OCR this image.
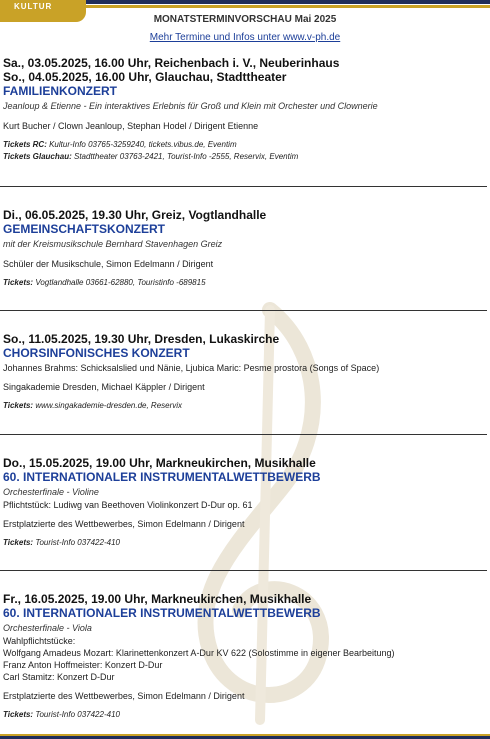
KULTUR
MONATSTERMINVORSCHAU Mai 2025
Mehr Termine und Infos unter www.v-ph.de
Sa., 03.05.2025, 16.00 Uhr, Reichenbach i. V., Neuberinhaus
So., 04.05.2025, 16.00 Uhr, Glauchau, Stadttheater
FAMILIENKONZERT
Jeanloup & Etienne - Ein interaktives Erlebnis für Groß und Klein mit Orchester und Clownerie
Kurt Bucher / Clown Jeanloup, Stephan Hodel / Dirigent Etienne
Tickets RC: Kultur-Info 03765-3259240, tickets.vibus.de, Eventim
Tickets Glauchau: Stadttheater 03763-2421, Tourist-Info -2555, Reservix, Eventim
Di., 06.05.2025, 19.30 Uhr, Greiz, Vogtlandhalle
GEMEINSCHAFTSKONZERT
mit der Kreismusikschule Bernhard Stavenhagen Greiz
Schüler der Musikschule, Simon Edelmann / Dirigent
Tickets: Vogtlandhalle 03661-62880, Touristinfo -689815
So., 11.05.2025, 19.30 Uhr, Dresden, Lukaskirche
CHORSINFONISCHES KONZERT
Johannes Brahms: Schicksalslied und Nänie, Ljubica Maric: Pesme prostora (Songs of Space)
Singakademie Dresden, Michael Käppler / Dirigent
Tickets: www.singakademie-dresden.de, Reservix
Do., 15.05.2025, 19.00 Uhr, Markneukirchen, Musikhalle
60. INTERNATIONALER INSTRUMENTALWETTBEWERB
Orchesterfinale - Violine
Pflichtstück: Ludiwg van Beethoven Violinkonzert D-Dur op. 61
Erstplatzierte des Wettbewerbes, Simon Edelmann / Dirigent
Tickets: Tourist-Info 037422-410
Fr., 16.05.2025, 19.00 Uhr, Markneukirchen, Musikhalle
60. INTERNATIONALER INSTRUMENTALWETTBEWERB
Orchesterfinale - Viola
Wahlpflichtstücke:
Wolfgang Amadeus Mozart: Klarinettenkonzert A-Dur KV 622 (Solostimme in eigener Bearbeitung)
Franz Anton Hoffmeister: Konzert D-Dur
Carl Stamitz: Konzert D-Dur
Erstplatzierte des Wettbewerbes, Simon Edelmann / Dirigent
Tickets: Tourist-Info 037422-410
